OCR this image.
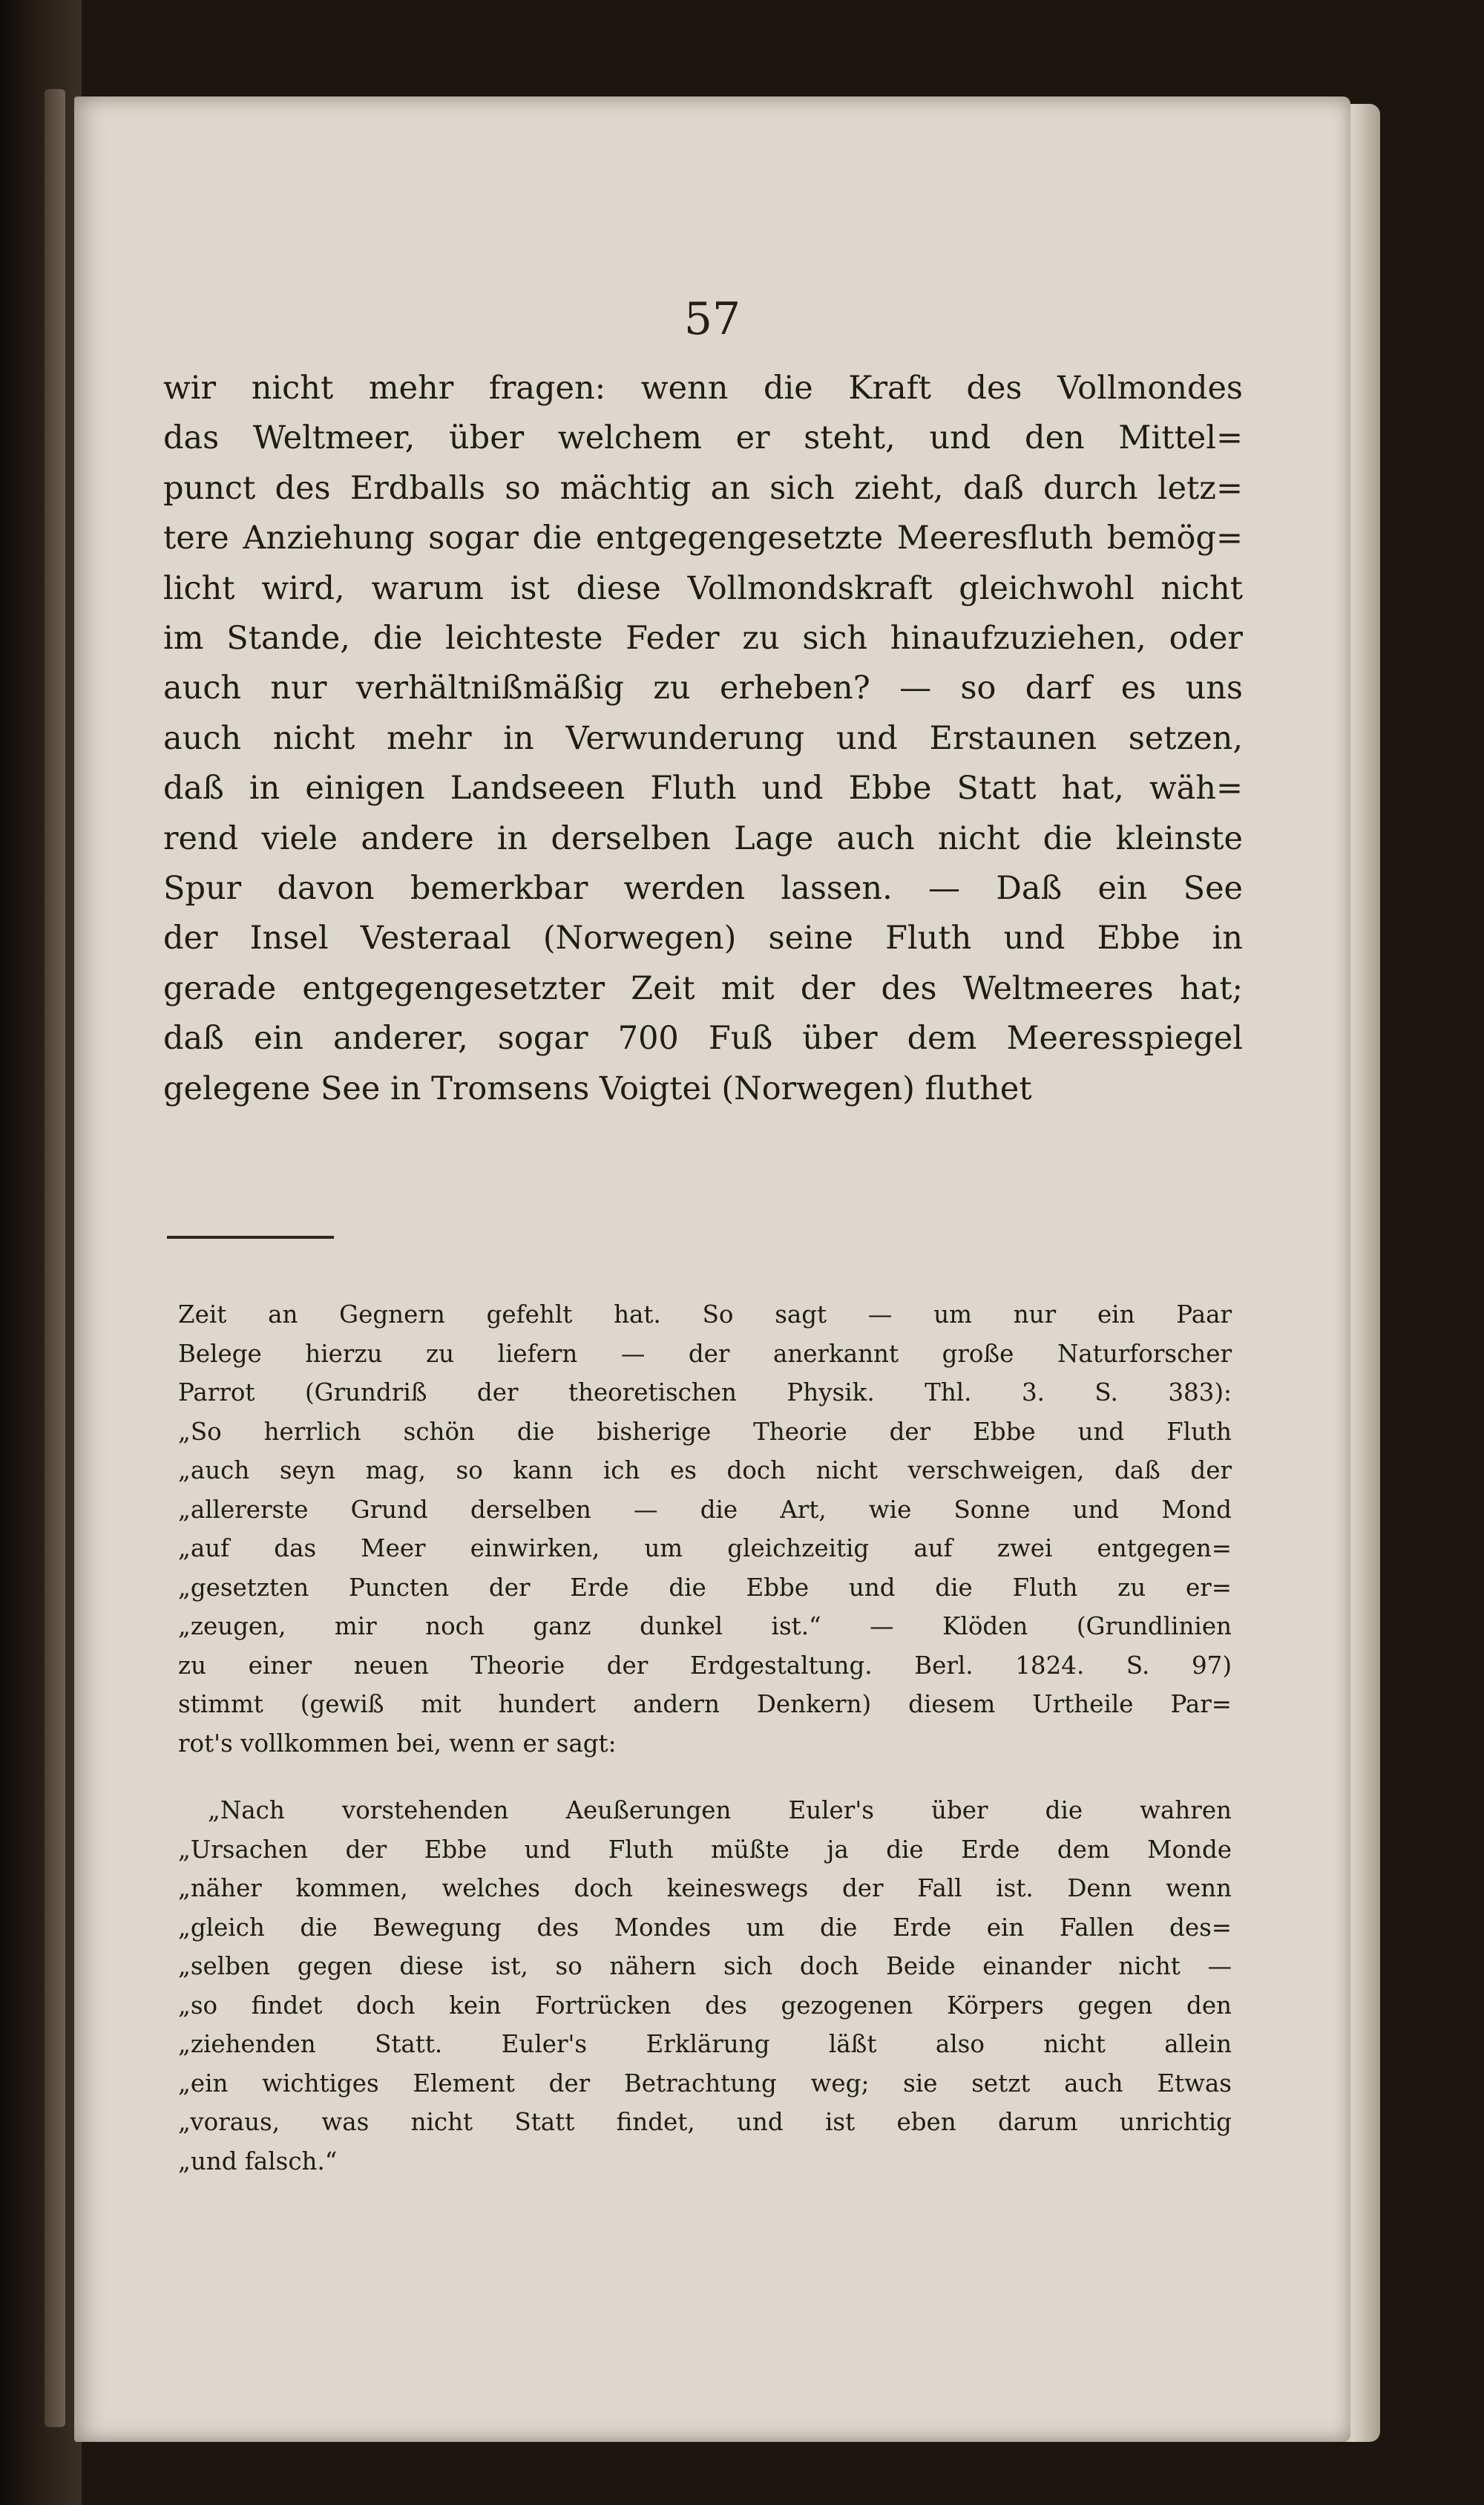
57
wir nicht mehr fragen: wenn die Kraft des Vollmondes
das Weltmeer, über welchem er steht, und den Mittel=
punct des Erdballs so mächtig an sich zieht, daß durch letz=
tere Anziehung sogar die entgegengesetzte Meeresfluth bemög=
licht wird, warum ist diese Vollmondskraft gleichwohl nicht
im Stande, die leichteste Feder zu sich hinaufzuziehen, oder
auch nur verhältnißmäßig zu erheben? — so darf es uns
auch nicht mehr in Verwunderung und Erstaunen setzen,
daß in einigen Landseeen Fluth und Ebbe Statt hat, wäh=
rend viele andere in derselben Lage auch nicht die kleinste
Spur davon bemerkbar werden lassen. — Daß ein See
der Insel Vesteraal (Norwegen) seine Fluth und Ebbe in
gerade entgegengesetzter Zeit mit der des Weltmeeres hat;
daß ein anderer, sogar 700 Fuß über dem Meeresspiegel
gelegene See in Tromsens Voigtei (Norwegen) fluthet
Zeit an Gegnern gefehlt hat. So sagt — um nur ein Paar
Belege hierzu zu liefern — der anerkannt große Naturforscher
Parrot (Grundriß der theoretischen Physik. Thl. 3. S. 383):
„So herrlich schön die bisherige Theorie der Ebbe und Fluth
„auch seyn mag, so kann ich es doch nicht verschweigen, daß der
„allererste Grund derselben — die Art, wie Sonne und Mond
„auf das Meer einwirken, um gleichzeitig auf zwei entgegen=
„gesetzten Puncten der Erde die Ebbe und die Fluth zu er=
„zeugen, mir noch ganz dunkel ist.“ — Klöden (Grundlinien
zu einer neuen Theorie der Erdgestaltung. Berl. 1824. S. 97)
stimmt (gewiß mit hundert andern Denkern) diesem Urtheile Par=
rot's vollkommen bei, wenn er sagt:
„Nach vorstehenden Aeußerungen Euler's über die wahren
„Ursachen der Ebbe und Fluth müßte ja die Erde dem Monde
„näher kommen, welches doch keineswegs der Fall ist. Denn wenn
„gleich die Bewegung des Mondes um die Erde ein Fallen des=
„selben gegen diese ist, so nähern sich doch Beide einander nicht —
„so findet doch kein Fortrücken des gezogenen Körpers gegen den
„ziehenden Statt. Euler's Erklärung läßt also nicht allein
„ein wichtiges Element der Betrachtung weg; sie setzt auch Etwas
„voraus, was nicht Statt findet, und ist eben darum unrichtig
„und falsch.“
